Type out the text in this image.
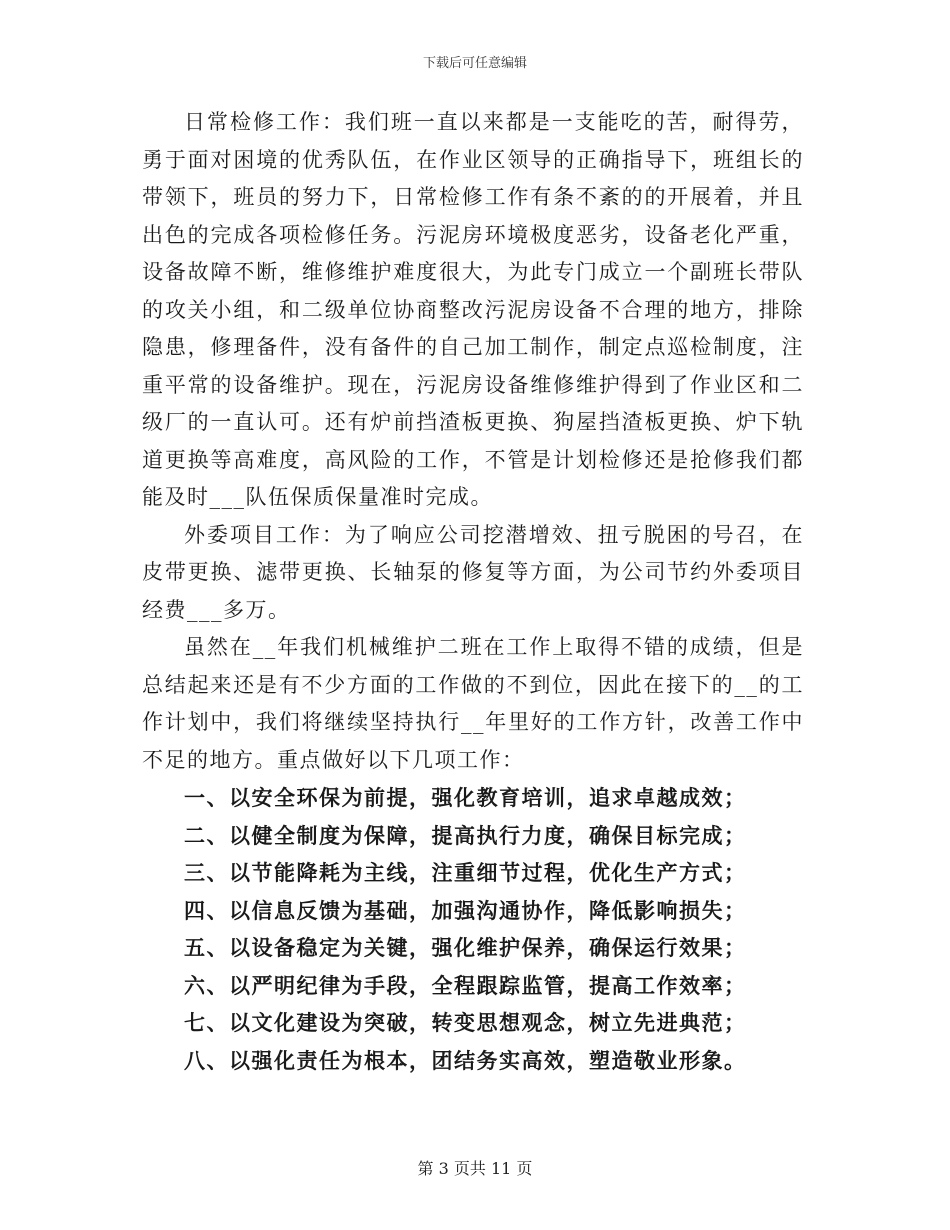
下载后可任意编辑

日常检修工作：我们班一直以来都是一支能吃的苦，耐得劳，勇于面对困境的优秀队伍，在作业区领导的正确指导下，班组长的带领下，班员的努力下，日常检修工作有条不紊的的开展着，并且出色的完成各项检修任务。污泥房环境极度恶劣，设备老化严重，设备故障不断，维修维护难度很大，为此专门成立一个副班长带队的攻关小组，和二级单位协商整改污泥房设备不合理的地方，排除隐患，修理备件，没有备件的自己加工制作，制定点巡检制度，注重平常的设备维护。现在，污泥房设备维修维护得到了作业区和二级厂的一直认可。还有炉前挡渣板更换、狗屋挡渣板更换、炉下轨道更换等高难度，高风险的工作，不管是计划检修还是抢修我们都能及时___队伍保质保量准时完成。

外委项目工作：为了响应公司挖潜增效、扭亏脱困的号召，在皮带更换、滤带更换、长轴泵的修复等方面，为公司节约外委项目经费___多万。

虽然在__年我们机械维护二班在工作上取得不错的成绩，但是总结起来还是有不少方面的工作做的不到位，因此在接下的__的工作计划中，我们将继续坚持执行__年里好的工作方针，改善工作中不足的地方。重点做好以下几项工作：

一、以安全环保为前提，强化教育培训，追求卓越成效；
二、以健全制度为保障，提高执行力度，确保目标完成；
三、以节能降耗为主线，注重细节过程，优化生产方式；
四、以信息反馈为基础，加强沟通协作，降低影响损失；
五、以设备稳定为关键，强化维护保养，确保运行效果；
六、以严明纪律为手段，全程跟踪监管，提高工作效率；
七、以文化建设为突破，转变思想观念，树立先进典范；
八、以强化责任为根本，团结务实高效，塑造敬业形象。
第 3 页共 11 页
